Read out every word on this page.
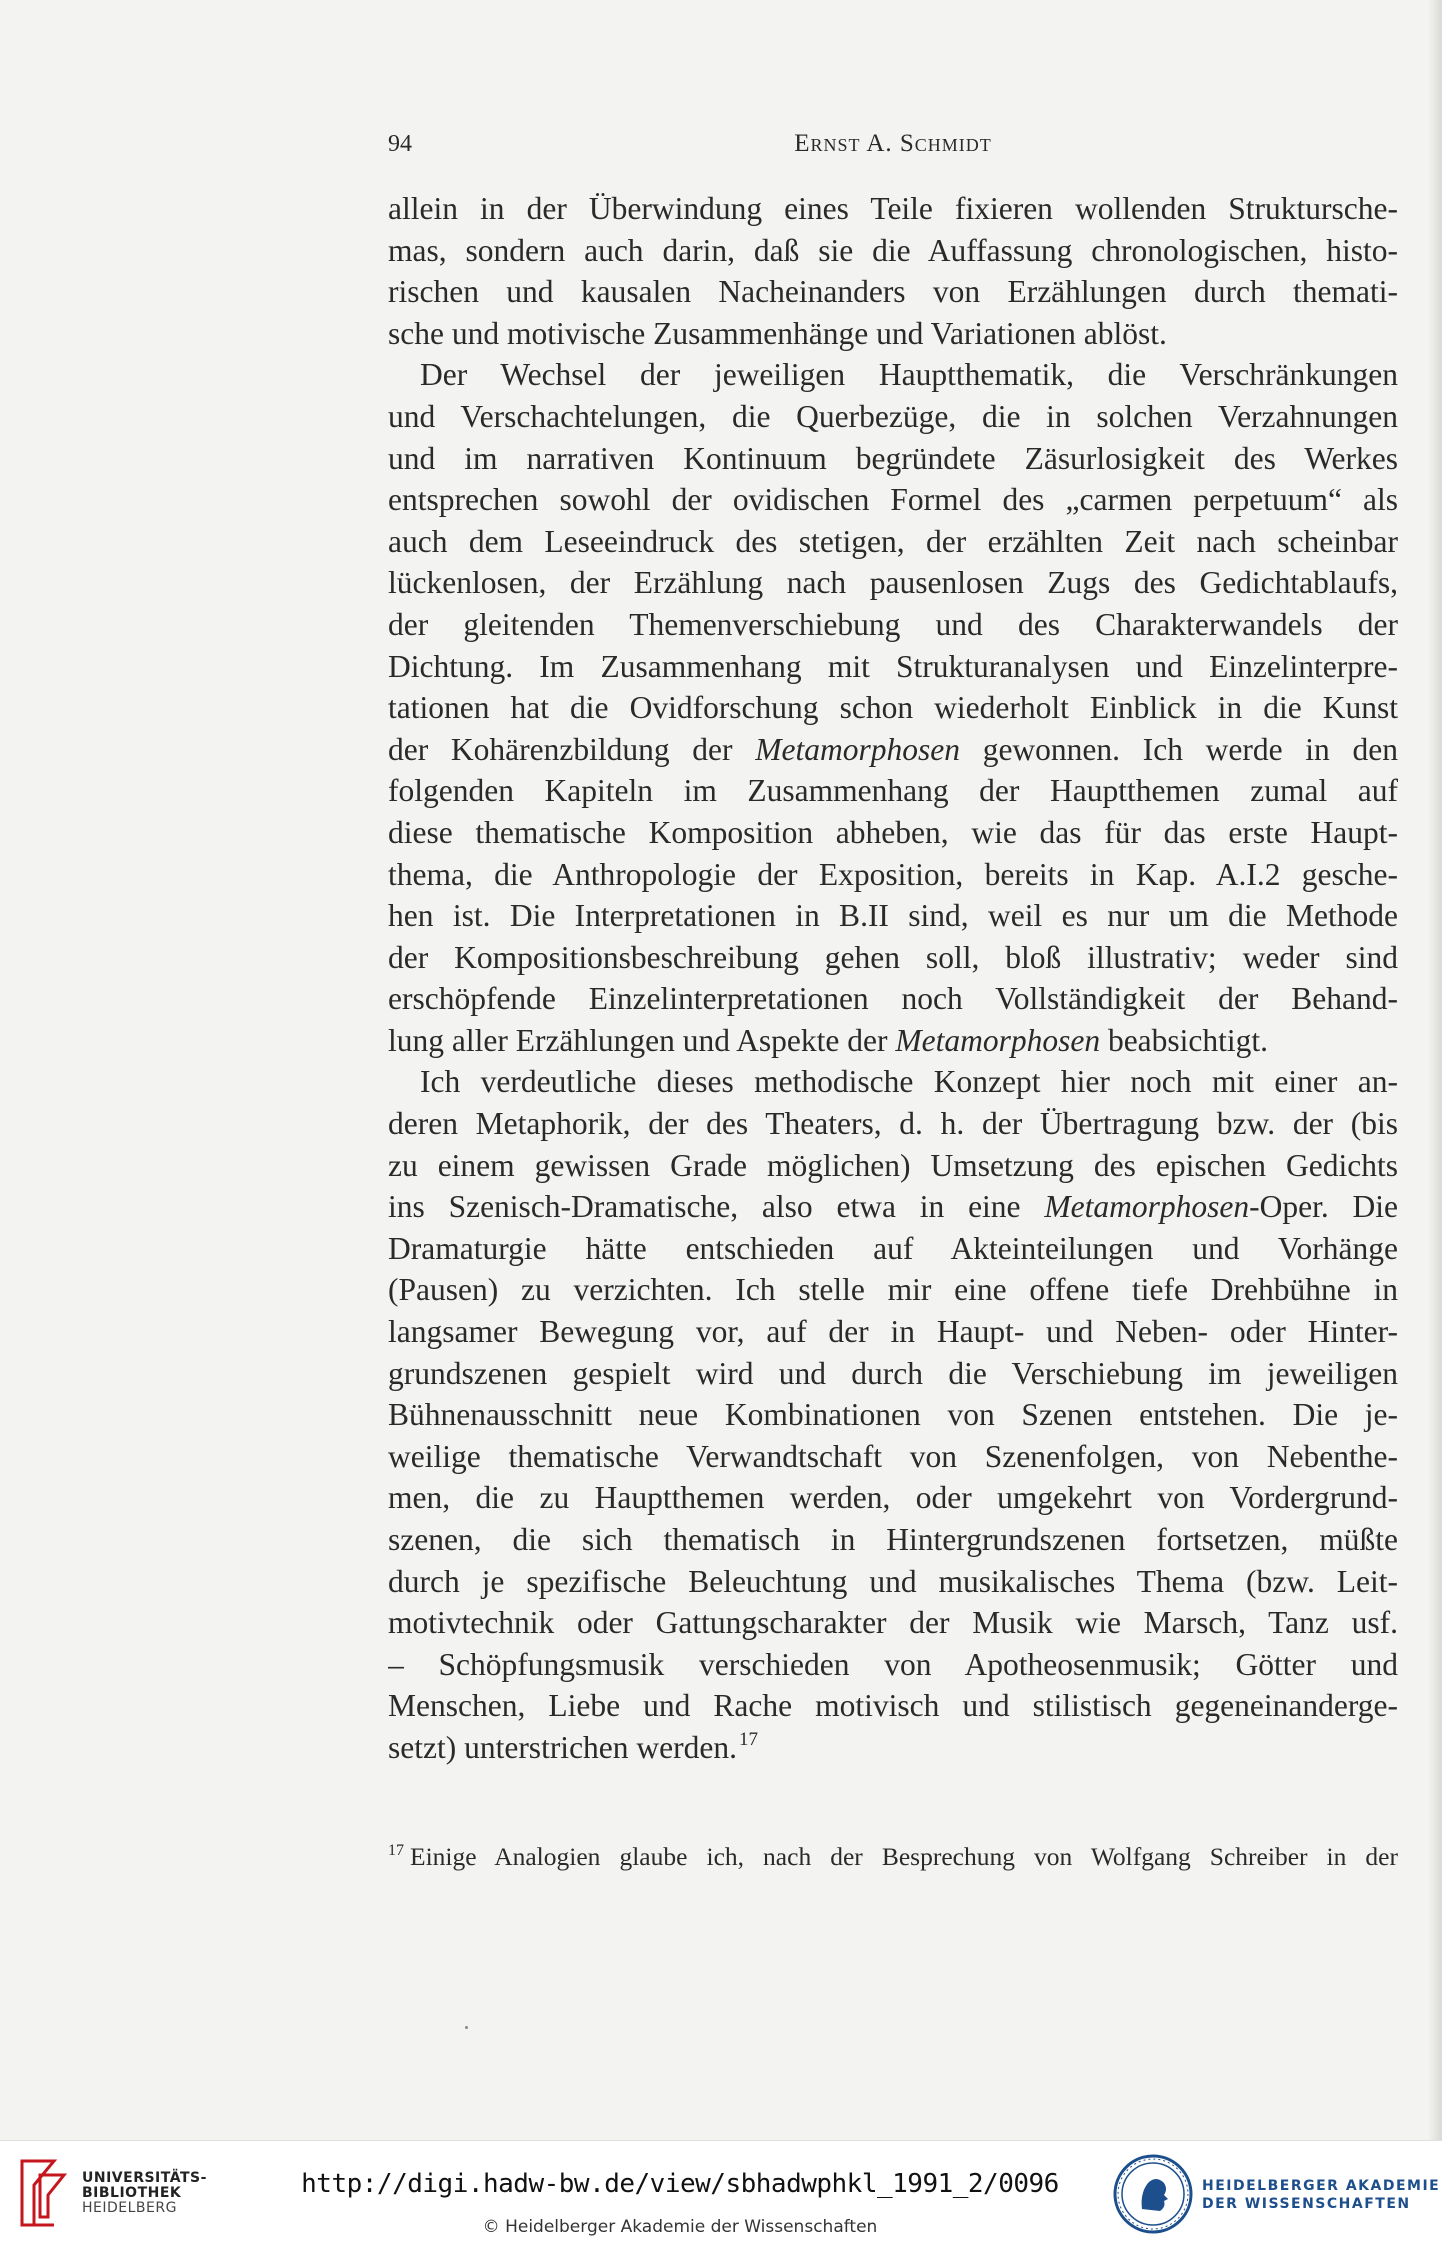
94	Ernst A. Schmidt
allein in der Überwindung eines Teile fixieren wollenden Struktursche-
mas, sondern auch darin, daß sie die Auffassung chronologischen, histo-
rischen und kausalen Nacheinanders von Erzählungen durch themati-
sche und motivische Zusammenhänge und Variationen ablöst.
Der Wechsel der jeweiligen Hauptthematik, die Verschränkungen
und Verschachtelungen, die Querbezüge, die in solchen Verzahnungen
und im narrativen Kontinuum begründete Zäsurlosigkeit des Werkes
entsprechen sowohl der ovidischen Formel des „carmen perpetuum“ als
auch dem Leseeindruck des stetigen, der erzählten Zeit nach scheinbar
lückenlosen, der Erzählung nach pausenlosen Zugs des Gedichtablaufs,
der gleitenden Themenverschiebung und des Charakterwandels der
Dichtung. Im Zusammenhang mit Strukturanalysen und Einzelinterpre-
tationen hat die Ovidforschung schon wiederholt Einblick in die Kunst
der Kohärenzbildung der Metamorphosen gewonnen. Ich werde in den
folgenden Kapiteln im Zusammenhang der Hauptthemen zumal auf
diese thematische Komposition abheben, wie das für das erste Haupt-
thema, die Anthropologie der Exposition, bereits in Kap. A.I.2 gesche-
hen ist. Die Interpretationen in B.II sind, weil es nur um die Methode
der Kompositionsbeschreibung gehen soll, bloß illustrativ; weder sind
erschöpfende Einzelinterpretationen noch Vollständigkeit der Behand-
lung aller Erzählungen und Aspekte der Metamorphosen beabsichtigt.
Ich verdeutliche dieses methodische Konzept hier noch mit einer an-
deren Metaphorik, der des Theaters, d. h. der Übertragung bzw. der (bis
zu einem gewissen Grade möglichen) Umsetzung des epischen Gedichts
ins Szenisch-Dramatische, also etwa in eine Metamorphosen-Oper. Die
Dramaturgie hätte entschieden auf Akteinteilungen und Vorhänge
(Pausen) zu verzichten. Ich stelle mir eine offene tiefe Drehbühne in
langsamer Bewegung vor, auf der in Haupt- und Neben- oder Hinter-
grundszenen gespielt wird und durch die Verschiebung im jeweiligen
Bühnenausschnitt neue Kombinationen von Szenen entstehen. Die je-
weilige thematische Verwandtschaft von Szenenfolgen, von Nebenthe-
men, die zu Hauptthemen werden, oder umgekehrt von Vordergrund-
szenen, die sich thematisch in Hintergrundszenen fortsetzen, müßte
durch je spezifische Beleuchtung und musikalisches Thema (bzw. Leit-
motivtechnik oder Gattungscharakter der Musik wie Marsch, Tanz usf.
– Schöpfungsmusik verschieden von Apotheosenmusik; Götter und
Menschen, Liebe und Rache motivisch und stilistisch gegeneinanderge-
setzt) unterstrichen werden. $^{17}$
$^{17}$ Einige Analogien glaube ich, nach der Besprechung von Wolfgang Schreiber in der
UNIVERSITÄTS-
BIBLIOTHEK
HEIDELBERG
http://digi.hadw-bw.de/view/sbhadwphkl_1991_2/0096
© Heidelberger Akademie der Wissenschaften
HEIDELBERGER AKADEMIE
DER WISSENSCHAFTEN
